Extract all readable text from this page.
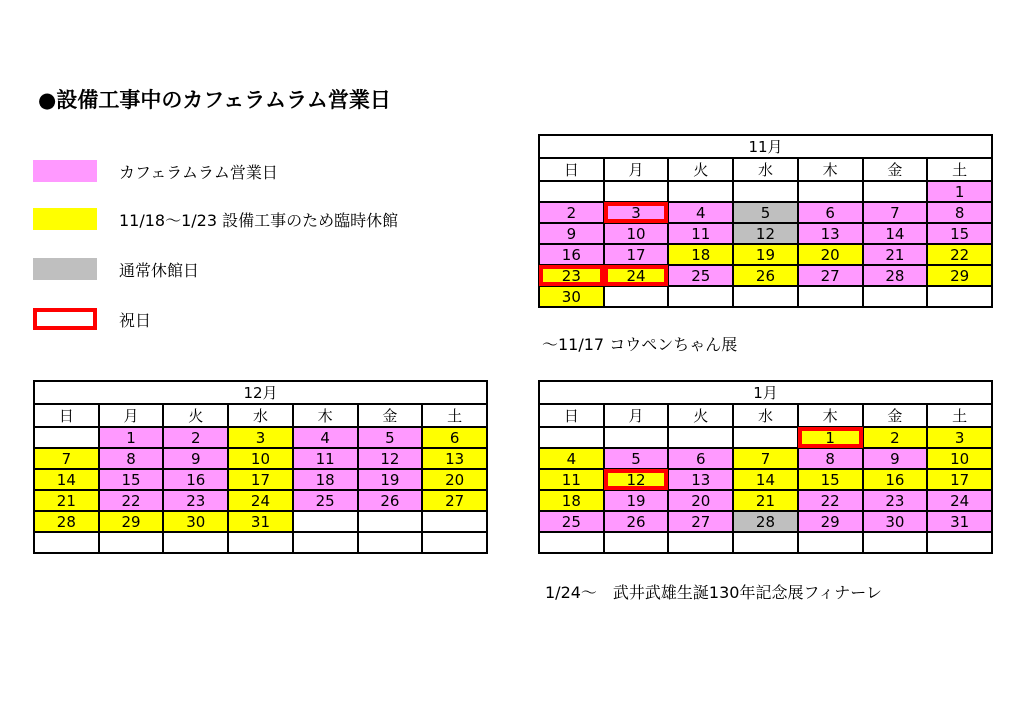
●設備工事中のカフェラムラム営業日
カフェラムラム営業日
11/18〜1/23 設備工事のため臨時休館
通常休館日
祝日
11月						
日	月	火	水	木	金	土
						1
2	3	4	5	6	7	8
9	10	11	12	13	14	15
16	17	18	19	20	21	22
23	24	25	26	27	28	29
30						
〜11/17 コウペンちゃん展
12月						
日	月	火	水	木	金	土
	1	2	3	4	5	6
7	8	9	10	11	12	13
14	15	16	17	18	19	20
21	22	23	24	25	26	27
28	29	30	31			

1月						
日	月	火	水	木	金	土
				1	2	3
4	5	6	7	8	9	10
11	12	13	14	15	16	17
18	19	20	21	22	23	24
25	26	27	28	29	30	31

1/24〜　武井武雄生誕130年記念展フィナーレ
